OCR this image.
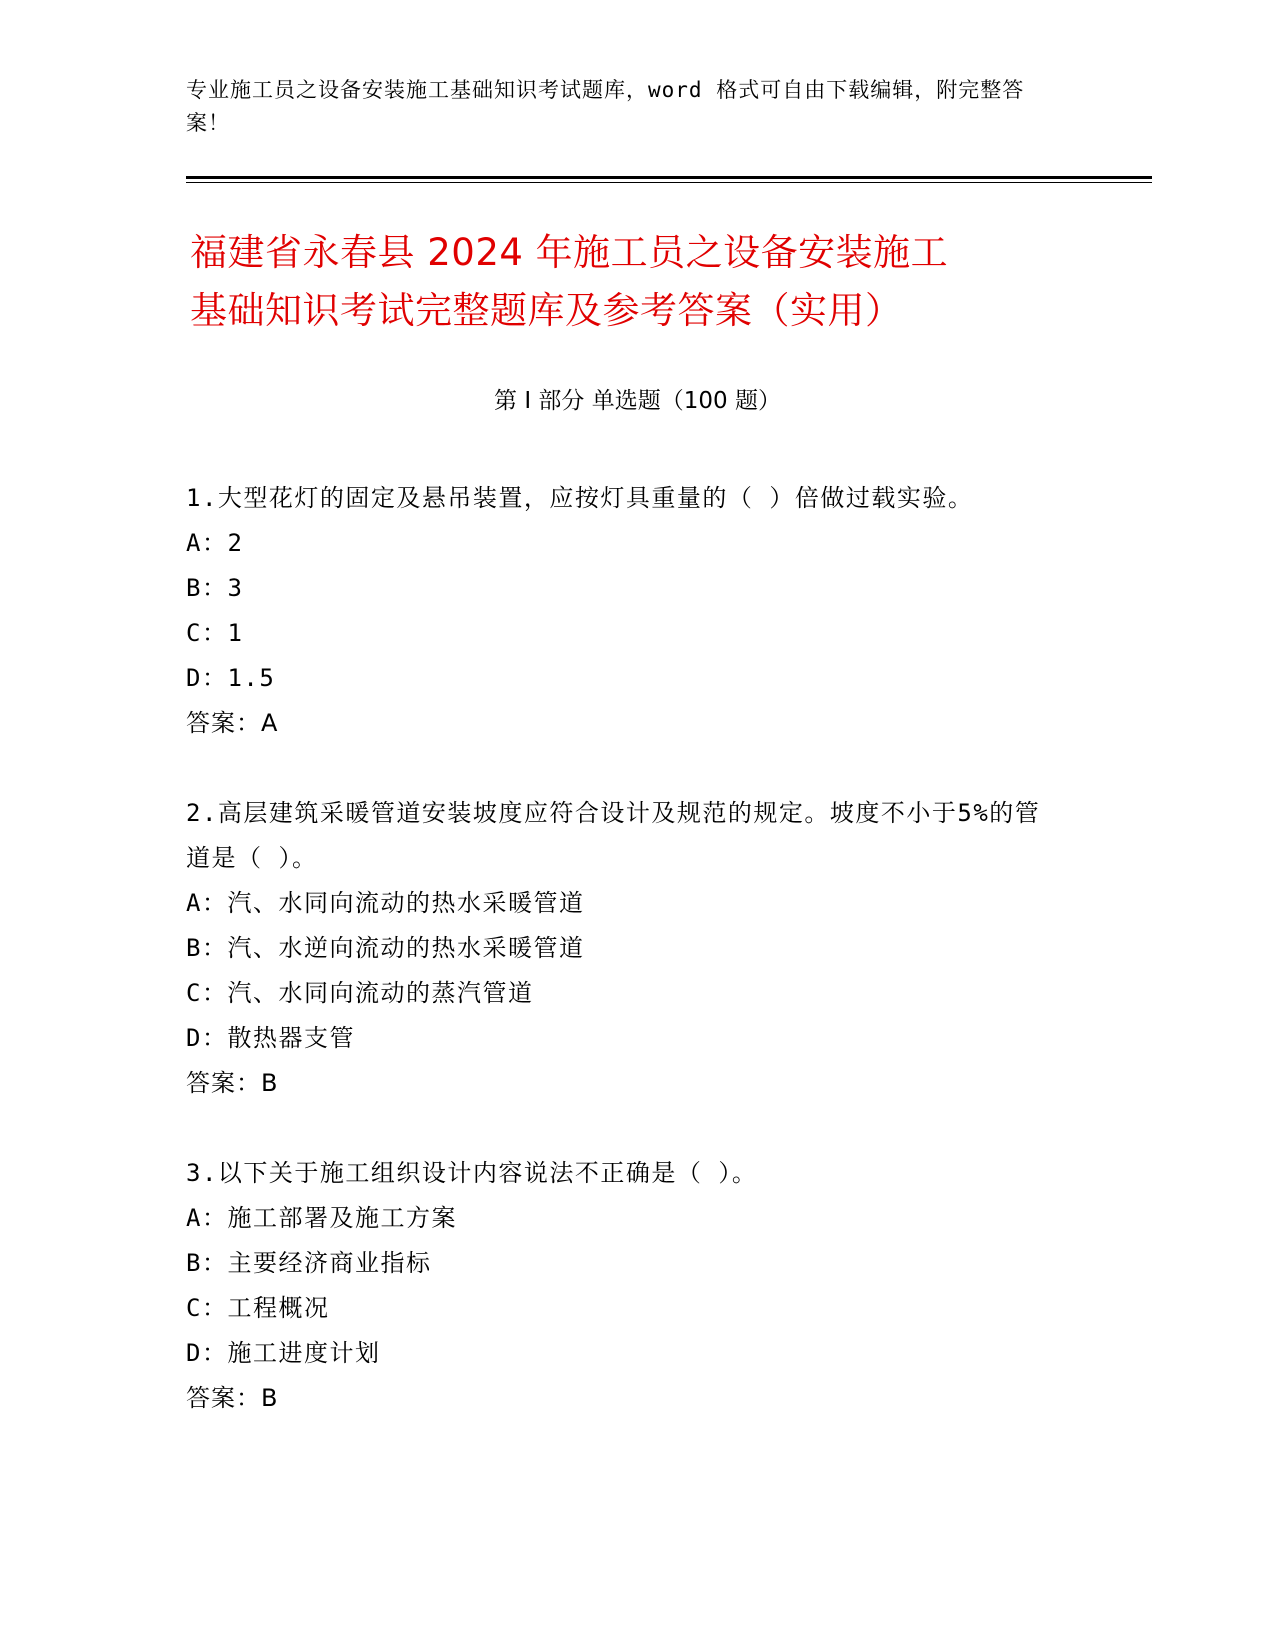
专业施工员之设备安装施工基础知识考试题库，word 格式可自由下载编辑，附完整答案！
福建省永春县 2024 年施工员之设备安装施工
基础知识考试完整题库及参考答案（实用）
第 I 部分 单选题（100 题）

1.大型花灯的固定及悬吊装置，应按灯具重量的（ ）倍做过载实验。

A：2

B：3

C：1

D：1.5

答案：A

2.高层建筑采暖管道安装坡度应符合设计及规范的规定。坡度不小于5%的管道是（ ）。

A：汽、水同向流动的热水采暖管道

B：汽、水逆向流动的热水采暖管道

C：汽、水同向流动的蒸汽管道

D：散热器支管

答案：B

3.以下关于施工组织设计内容说法不正确是（ ）。

A：施工部署及施工方案

B：主要经济商业指标

C：工程概况

D：施工进度计划

答案：B
